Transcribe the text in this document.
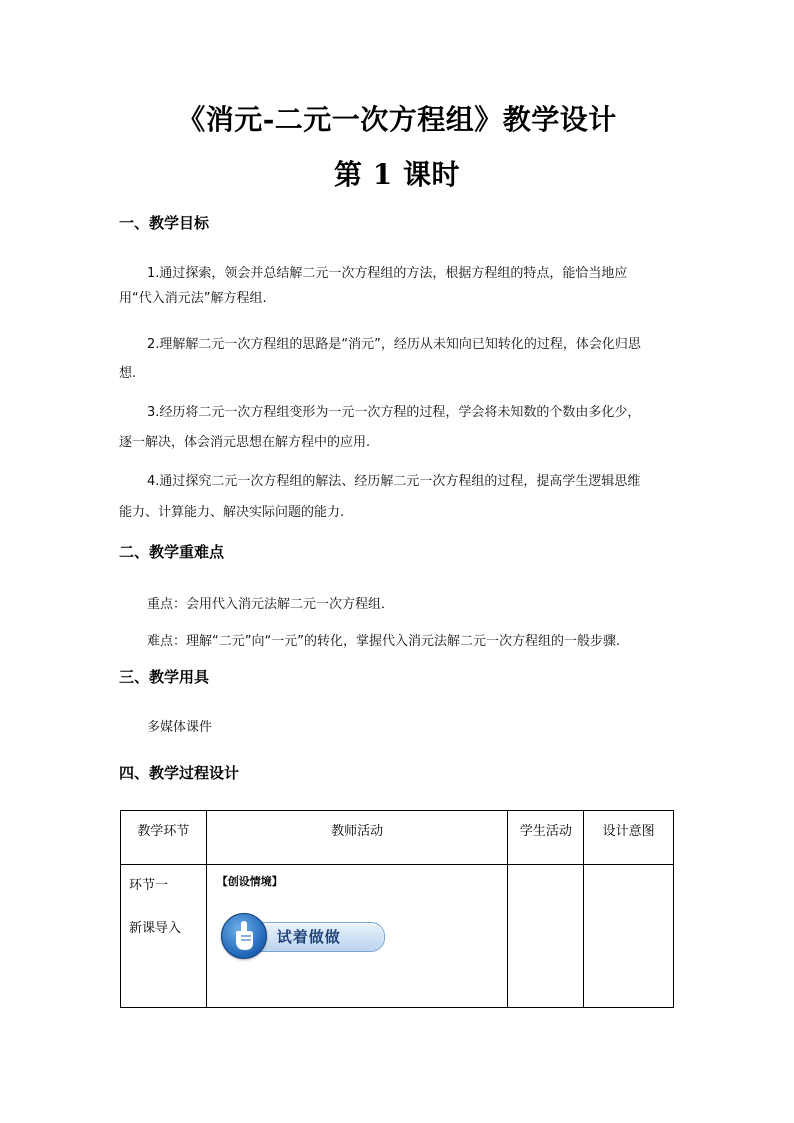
《消元-二元一次方程组》教学设计
第 1 课时
一、教学目标
1.通过探索，领会并总结解二元一次方程组的方法，根据方程组的特点，能恰当地应
用“代入消元法”解方程组.
2.理解解二元一次方程组的思路是“消元”，经历从未知向已知转化的过程，体会化归思
想.
3.经历将二元一次方程组变形为一元一次方程的过程，学会将未知数的个数由多化少，
逐一解决，体会消元思想在解方程中的应用.
4.通过探究二元一次方程组的解法、经历解二元一次方程组的过程，提高学生逻辑思维
能力、计算能力、解决实际问题的能力.
二、教学重难点
重点：会用代入消元法解二元一次方程组．
难点：理解“二元”向“一元”的转化，掌握代入消元法解二元一次方程组的一般步骤.
三、教学用具
多媒体课件
四、教学过程设计
教学环节	教师活动	学生活动	设计意图

环节一
新课导入	【创设情境】
试着做做		
